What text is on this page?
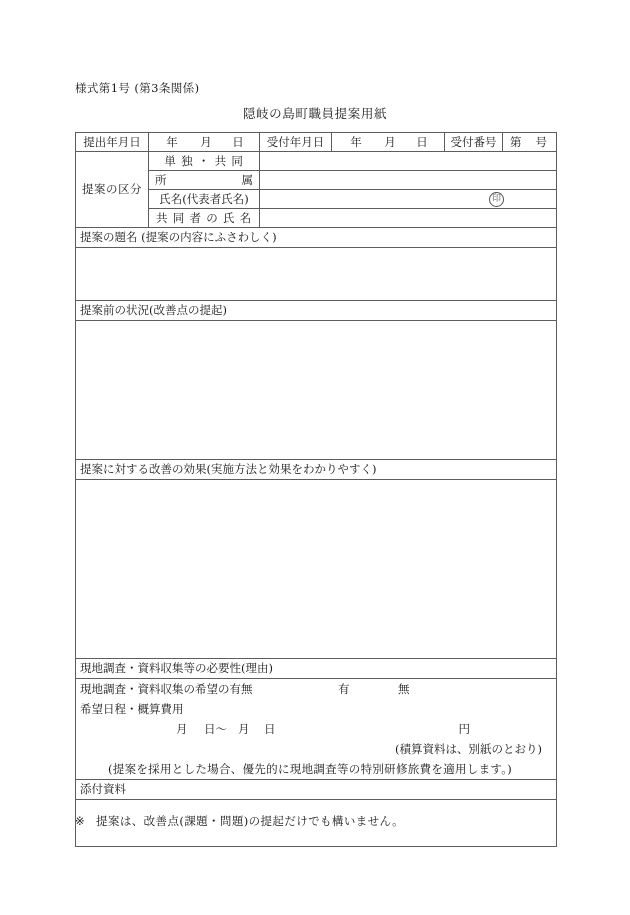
様式第1号 (第3条関係)
隠岐の島町職員提案用紙
提出年月日	年 月 日	受付年月日	年 月 日	受付番号	第 号

提案の区分	単 独 ・ 共 同				

	所 属				

	氏名(代表者氏名)	印			

	共 同 者 の 氏 名				
提案の題名 (提案の内容にふさわしく)					

提案前の状況(改善点の提起)					

提案に対する改善の効果(実施方法と効果をわかりやすく)					

現地調査・資料収集等の必要性(理由)					

現地調査・資料収集の希望の有無 有 無					

希望日程・概算費用					

月 日～ 月 日 円					

(積算資料は、別紙のとおり)					

(提案を採用とした場合、優先的に現地調査等の特別研修旅費を適用します。)					

添付資料					

※ 提案は、改善点(課題・問題)の提起だけでも構いません。
